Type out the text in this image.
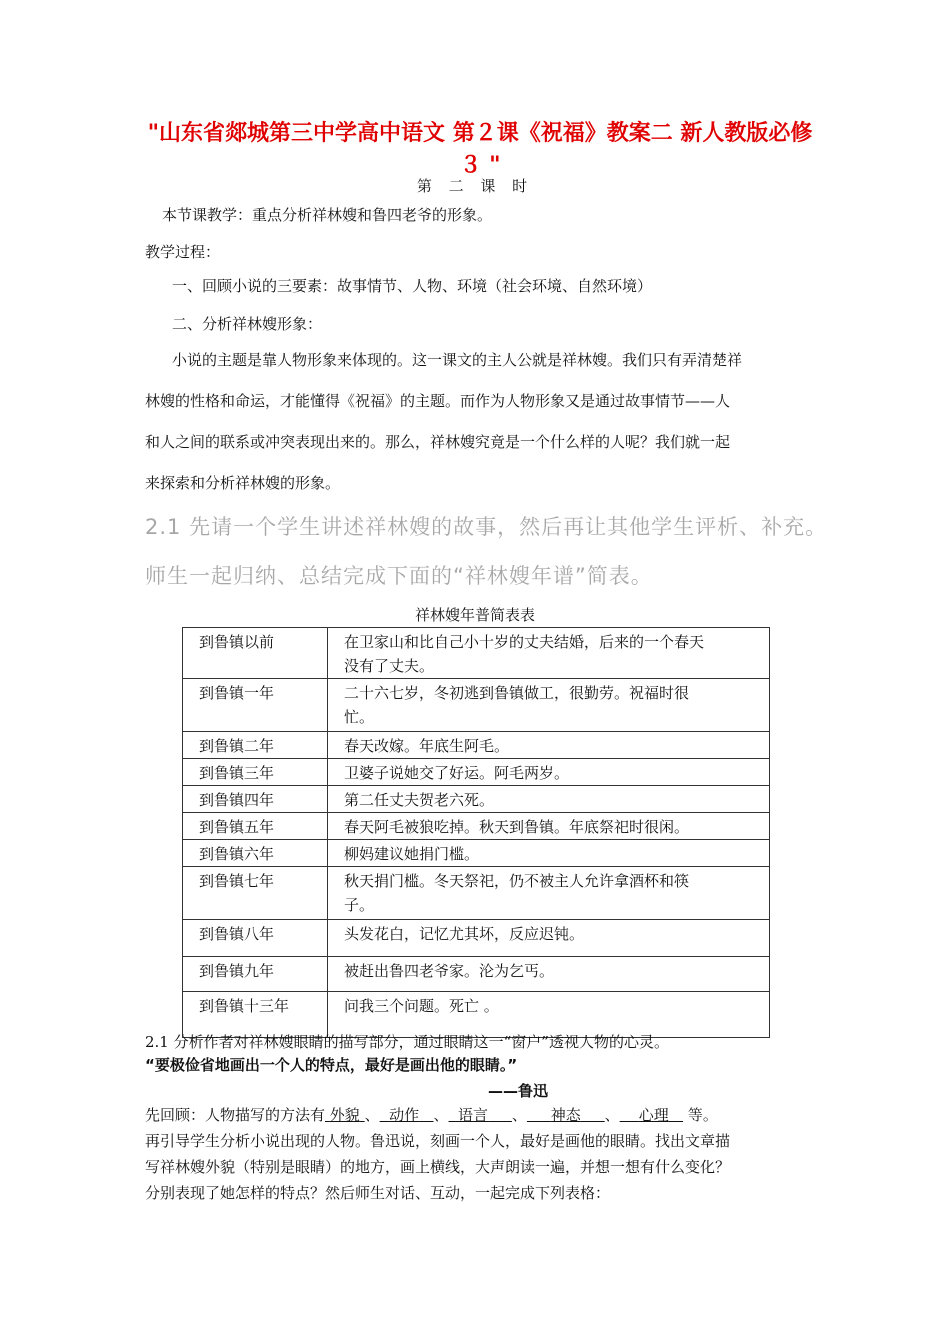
"山东省郯城第三中学高中语文 第２课《祝福》教案二 新人教版必修３ "
第 二 课 时
本节课教学：重点分析祥林嫂和鲁四老爷的形象。
教学过程：
一、回顾小说的三要素：故事情节、人物、环境（社会环境、自然环境）
二、分析祥林嫂形象：
小说的主题是靠人物形象来体现的。这一课文的主人公就是祥林嫂。我们只有弄清楚祥
林嫂的性格和命运，才能懂得《祝福》的主题。而作为人物形象又是通过故事情节——人
和人之间的联系或冲突表现出来的。那么，祥林嫂究竟是一个什么样的人呢？我们就一起
来探索和分析祥林嫂的形象。
2.1 先请一个学生讲述祥林嫂的故事，然后再让其他学生评析、补充。
师生一起归纳、总结完成下面的“祥林嫂年谱”简表。
祥林嫂年普简表表
到鲁镇以前	在卫家山和比自己小十岁的丈夫结婚，后来的一个春天
没有了丈夫。

到鲁镇一年	二十六七岁，冬初逃到鲁镇做工，很勤劳。祝福时很
忙。

到鲁镇二年	春天改嫁。年底生阿毛。
到鲁镇三年	卫婆子说她交了好运。阿毛两岁。
到鲁镇四年	第二任丈夫贺老六死。
到鲁镇五年	春天阿毛被狼吃掉。秋天到鲁镇。年底祭祀时很闲。
到鲁镇六年	柳妈建议她捐门槛。
到鲁镇七年	秋天捐门槛。冬天祭祀，仍不被主人允许拿酒杯和筷
子。

到鲁镇八年	头发花白，记忆尤其坏，反应迟钝。
到鲁镇九年	被赶出鲁四老爷家。沦为乞丐。
到鲁镇十三年	问我三个问题。死亡 。
2.1 分析作者对祥林嫂眼睛的描写部分，通过眼睛这一“窗户”透视人物的心灵。
“要极俭省地画出一个人的特点，最好是画出他的眼睛。”
——鲁迅
先回顾：人物描写的方法有 外貌 、 动作 、 语言 、 神态 、 心理 等。
再引导学生分析小说出现的人物。鲁迅说，刻画一个人，最好是画他的眼睛。找出文章描
写祥林嫂外貌（特别是眼睛）的地方，画上横线，大声朗读一遍，并想一想有什么变化？
分别表现了她怎样的特点？然后师生对话、互动，一起完成下列表格：
